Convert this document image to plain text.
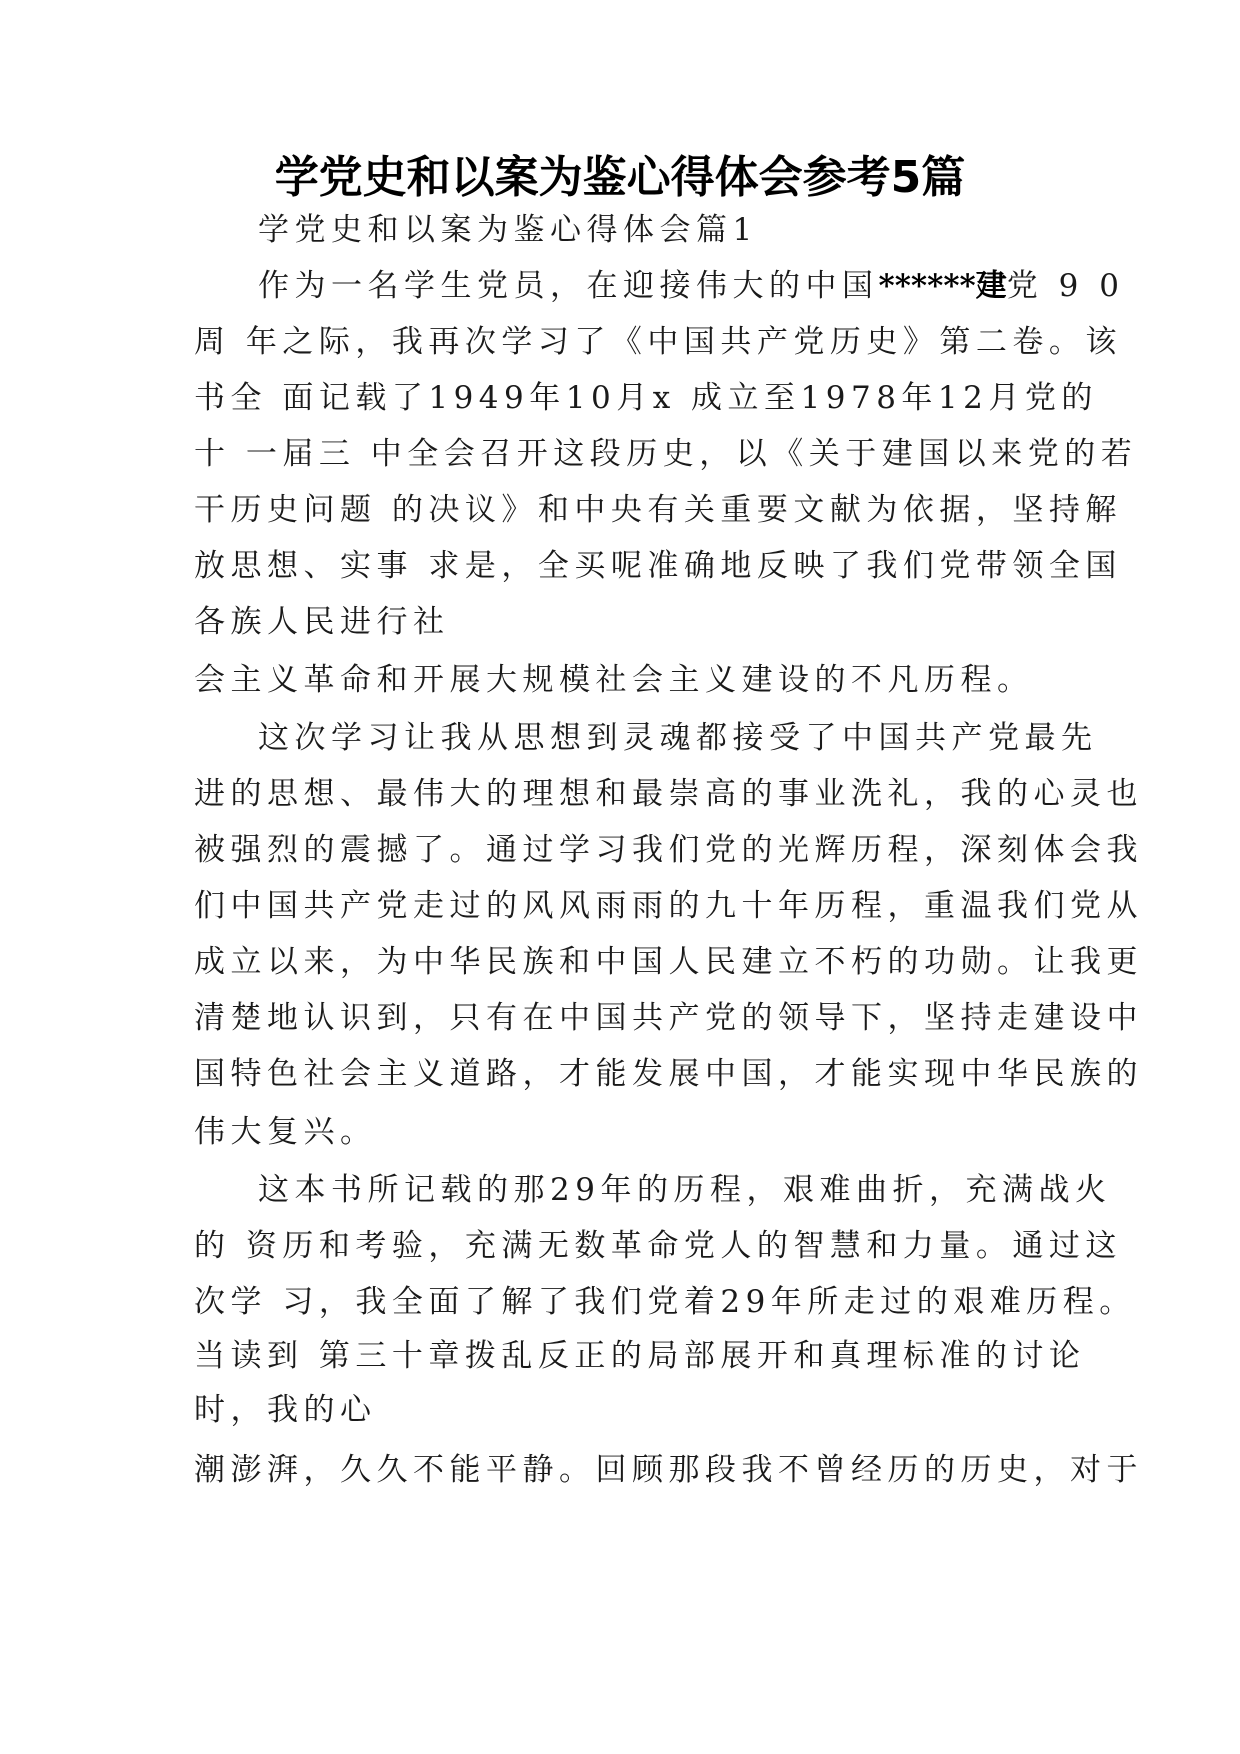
学党史和以案为鉴心得体会参考5篇
学党史和以案为鉴心得体会篇1
作为一名学生党员，在迎接伟大的中国******建党 9 0
周 年之际，我再次学习了《中国共产党历史》第二卷。该
书全 面记载了1949年10月x 成立至1978年12月党的
十 一届三 中全会召开这段历史，以《关于建国以来党的若
干历史问题 的决议》和中央有关重要文献为依据，坚持解
放思想、实事 求是，全买呢准确地反映了我们党带领全国
各族人民进行社
会主义革命和开展大规模社会主义建设的不凡历程。
这次学习让我从思想到灵魂都接受了中国共产党最先
进的思想、最伟大的理想和最崇高的事业洗礼，我的心灵也
被强烈的震撼了。通过学习我们党的光辉历程，深刻体会我
们中国共产党走过的风风雨雨的九十年历程，重温我们党从
成立以来，为中华民族和中国人民建立不朽的功勋。让我更
清楚地认识到，只有在中国共产党的领导下，坚持走建设中
国特色社会主义道路，才能发展中国，才能实现中华民族的
伟大复兴。
这本书所记载的那29年的历程，艰难曲折，充满战火
的 资历和考验，充满无数革命党人的智慧和力量。通过这
次学 习，我全面了解了我们党着29年所走过的艰难历程。
当读到 第三十章拨乱反正的局部展开和真理标准的讨论
时，我的心
潮澎湃，久久不能平静。回顾那段我不曾经历的历史，对于
